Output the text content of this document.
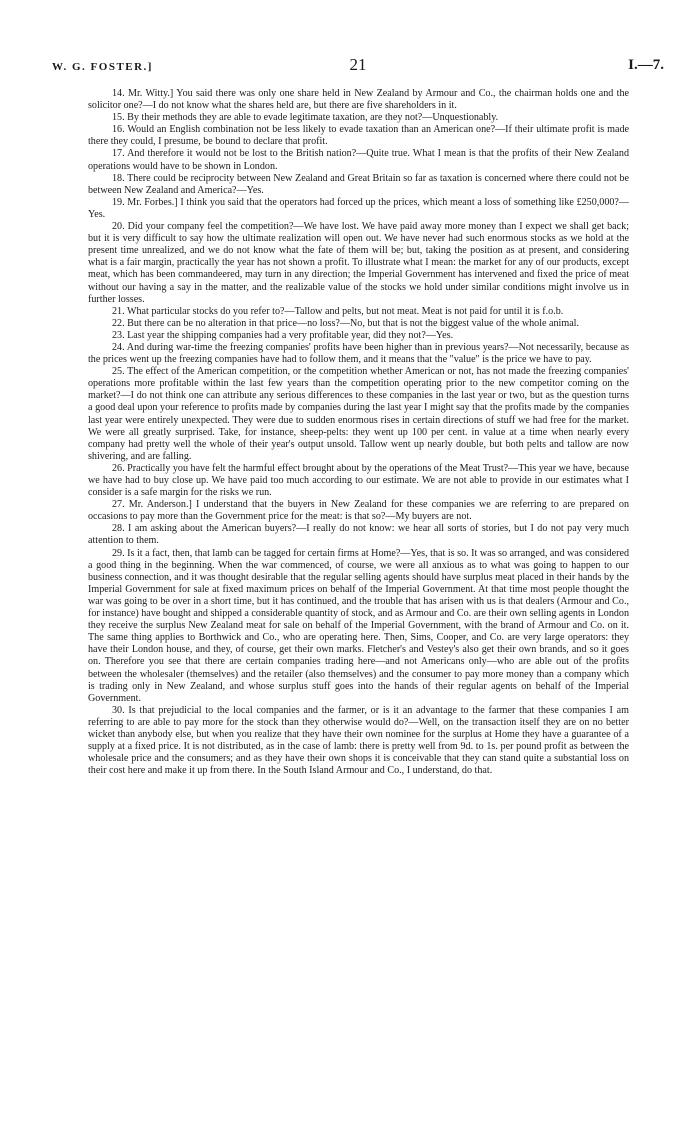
W. G. FOSTER.]	21	I.—7.

14. Mr. Witty.] You said there was only one share held in New Zealand by Armour and Co., the chairman holds one and the solicitor one?—I do not know what the shares held are, but there are five shareholders in it.

15. By their methods they are able to evade legitimate taxation, are they not?—Unquestionably.

16. Would an English combination not be less likely to evade taxation than an American one?—If their ultimate profit is made there they could, I presume, be bound to declare that profit.

17. And therefore it would not be lost to the British nation?—Quite true. What I mean is that the profits of their New Zealand operations would have to be shown in London.

18. There could be reciprocity between New Zealand and Great Britain so far as taxation is concerned where there could not be between New Zealand and America?—Yes.

19. Mr. Forbes.] I think you said that the operators had forced up the prices, which meant a loss of something like £250,000?—Yes.

20. Did your company feel the competition?—We have lost. We have paid away more money than I expect we shall get back; but it is very difficult to say how the ultimate realization will open out. We have never had such enormous stocks as we hold at the present time unrealized, and we do not know what the fate of them will be; but, taking the position as at present, and considering what is a fair margin, practically the year has not shown a profit. To illustrate what I mean: the market for any of our products, except meat, which has been commandeered, may turn in any direction; the Imperial Government has intervened and fixed the price of meat without our having a say in the matter, and the realizable value of the stocks we hold under similar conditions might involve us in further losses.

21. What particular stocks do you refer to?—Tallow and pelts, but not meat. Meat is not paid for until it is f.o.b.

22. But there can be no alteration in that price—no loss?—No, but that is not the biggest value of the whole animal.

23. Last year the shipping companies had a very profitable year, did they not?—Yes.

24. And during war-time the freezing companies' profits have been higher than in previous years?—Not necessarily, because as the prices went up the freezing companies have had to follow them, and it means that the "value" is the price we have to pay.

25. The effect of the American competition, or the competition whether American or not, has not made the freezing companies' operations more profitable within the last few years than the competition operating prior to the new competitor coming on the market?—I do not think one can attribute any serious differences to these companies in the last year or two, but as the question turns a good deal upon your reference to profits made by companies during the last year I might say that the profits made by the companies last year were entirely unexpected. They were due to sudden enormous rises in certain directions of stuff we had free for the market. We were all greatly surprised. Take, for instance, sheep-pelts: they went up 100 per cent. in value at a time when nearly every company had pretty well the whole of their year's output unsold. Tallow went up nearly double, but both pelts and tallow are now shivering, and are falling.

26. Practically you have felt the harmful effect brought about by the operations of the Meat Trust?—This year we have, because we have had to buy close up. We have paid too much according to our estimate. We are not able to provide in our estimates what I consider is a safe margin for the risks we run.

27. Mr. Anderson.] I understand that the buyers in New Zealand for these companies we are referring to are prepared on occasions to pay more than the Government price for the meat: is that so?—My buyers are not.

28. I am asking about the American buyers?—I really do not know: we hear all sorts of stories, but I do not pay very much attention to them.

29. Is it a fact, then, that lamb can be tagged for certain firms at Home?—Yes, that is so. It was so arranged, and was considered a good thing in the beginning. When the war commenced, of course, we were all anxious as to what was going to happen to our business connection, and it was thought desirable that the regular selling agents should have surplus meat placed in their hands by the Imperial Government for sale at fixed maximum prices on behalf of the Imperial Government. At that time most people thought the war was going to be over in a short time, but it has continued, and the trouble that has arisen with us is that dealers (Armour and Co., for instance) have bought and shipped a considerable quantity of stock, and as Armour and Co. are their own selling agents in London they receive the surplus New Zealand meat for sale on behalf of the Imperial Government, with the brand of Armour and Co. on it. The same thing applies to Borthwick and Co., who are operating here. Then, Sims, Cooper, and Co. are very large operators: they have their London house, and they, of course, get their own marks. Fletcher's and Vestey's also get their own brands, and so it goes on. Therefore you see that there are certain companies trading here—and not Americans only—who are able out of the profits between the wholesaler (themselves) and the retailer (also themselves) and the consumer to pay more money than a company which is trading only in New Zealand, and whose surplus stuff goes into the hands of their regular agents on behalf of the Imperial Government.

30. Is that prejudicial to the local companies and the farmer, or is it an advantage to the farmer that these companies I am referring to are able to pay more for the stock than they otherwise would do?—Well, on the transaction itself they are on no better wicket than anybody else, but when you realize that they have their own nominee for the surplus at Home they have a guarantee of a supply at a fixed price. It is not distributed, as in the case of lamb: there is pretty well from 9d. to 1s. per pound profit as between the wholesale price and the consumers; and as they have their own shops it is conceivable that they can stand quite a substantial loss on their cost here and make it up from there. In the South Island Armour and Co., I understand, do that.
